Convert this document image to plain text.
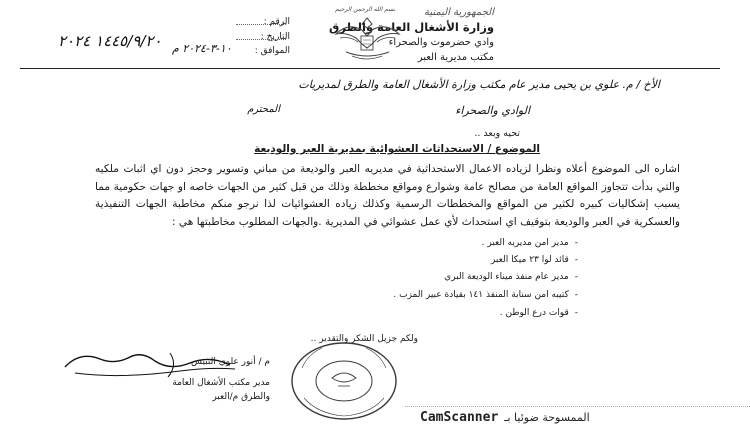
الجمهورية اليمنية
وزارة الأشغال العامة والطرق
وادي حضرموت والصحراء
مكتب مديرية العبر
بسم الله الرحمن الرحيم
الرقم :
التاريخ :
الموافق :
١٠-٣-٢٠٢٤ م
١٤٤٥/٩/٢٠ ٢٠٢٤
الأخ / م. علوي بن يحيى مدير عام مكتب وزارة الأشغال العامة والطرق لمديريات
الوادي والصحراء
المحترم
تحيه وبعد ..
الموضوع / الاستحداثات العشوائية بمديرية العبر والوديعة
اشاره الى الموضوع أعلاه ونظرا لزياده الاعمال الاستحداثية في مديريه العبر والوديعة من مباني وتسوير وحجز دون اي اثبات ملكيه والتي بدأت تتجاوز المواقع العامة من مصالح عامة وشوارع ومواقع مخططة وذلك من قبل كثير من الجهات خاصه او جهات حكومية مما يسبب إشكاليات كبيره لكثير من المواقع والمخططات الرسمية وكذلك زياده العشوائيات لذا نرجو منكم مخاطبة الجهات التنفيذية والعسكرية في العبر والوديعة بتوقيف اي استحداث لأي عمل عشوائي في المديرية .والجهات المطلوب مخاطبتها هي :
-
مدير امن مديريه العبر .
-
قائد لوا ٢٣ ميكا العبر
-
مدير عام منفذ ميناء الوديعة البري
-
كتيبه امن سنابة المنفذ ١٤١ بقيادة عبير المزب .
-
قوات درع الوطن .
ولكم جزيل الشكر والتقدير ..
م / أنور علوي التبيس
مدير مكتب الأشغال العامة
والطرق م/العبر
CamScanner الممسوحة ضوئيا بـ
